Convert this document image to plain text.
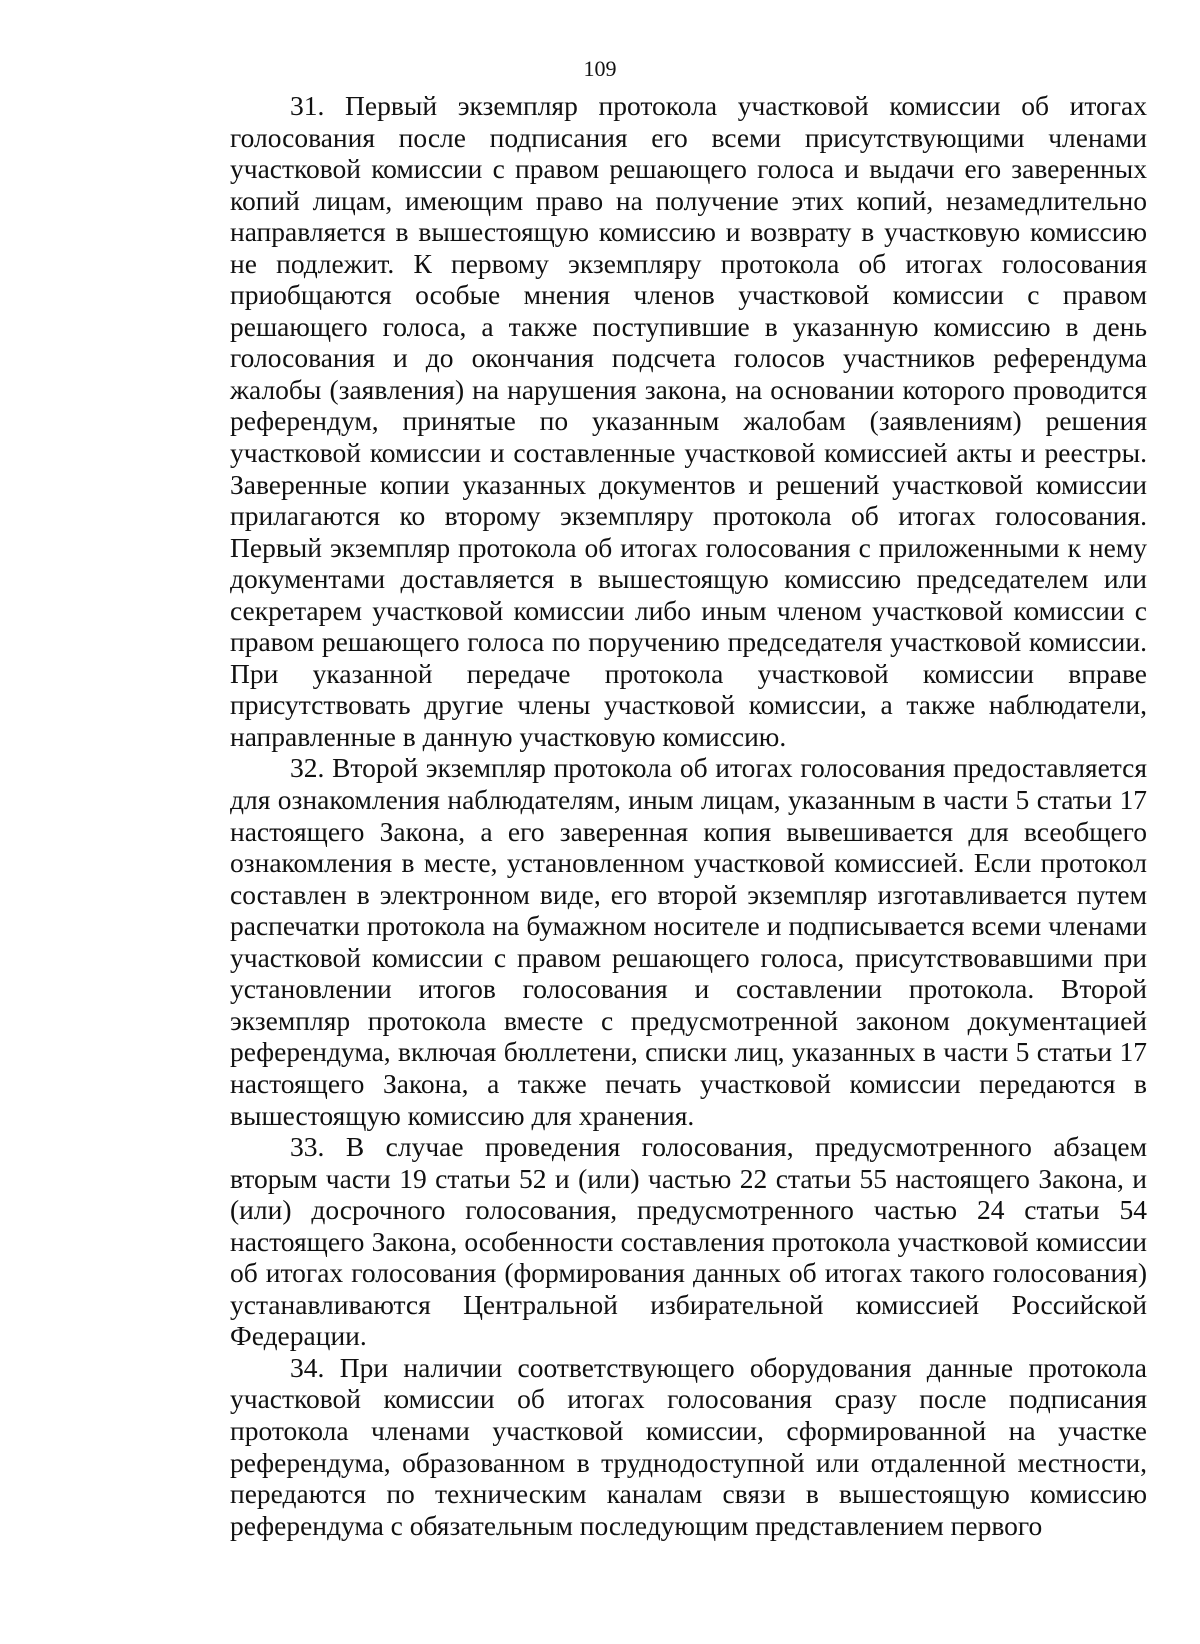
109

31. Первый экземпляр протокола участковой комиссии об итогах голосования после подписания его всеми присутствующими членами участковой комиссии с правом решающего голоса и выдачи его заверенных копий лицам, имеющим право на получение этих копий, незамедлительно направляется в вышестоящую комиссию и возврату в участковую комиссию не подлежит. К первому экземпляру протокола об итогах голосования приобщаются особые мнения членов участковой комиссии с правом решающего голоса, а также поступившие в указанную комиссию в день голосования и до окончания подсчета голосов участников референдума жалобы (заявления) на нарушения закона, на основании которого проводится референдум, принятые по указанным жалобам (заявлениям) решения участковой комиссии и составленные участковой комиссией акты и реестры. Заверенные копии указанных документов и решений участковой комиссии прилагаются ко второму экземпляру протокола об итогах голосования. Первый экземпляр протокола об итогах голосования с приложенными к нему документами доставляется в вышестоящую комиссию председателем или секретарем участковой комиссии либо иным членом участковой комиссии с правом решающего голоса по поручению председателя участковой комиссии. При указанной передаче протокола участковой комиссии вправе присутствовать другие члены участковой комиссии, а также наблюдатели, направленные в данную участковую комиссию.

32. Второй экземпляр протокола об итогах голосования предоставляется для ознакомления наблюдателям, иным лицам, указанным в части 5 статьи 17 настоящего Закона, а его заверенная копия вывешивается для всеобщего ознакомления в месте, установленном участковой комиссией. Если протокол составлен в электронном виде, его второй экземпляр изготавливается путем распечатки протокола на бумажном носителе и подписывается всеми членами участковой комиссии с правом решающего голоса, присутствовавшими при установлении итогов голосования и составлении протокола. Второй экземпляр протокола вместе с предусмотренной законом документацией референдума, включая бюллетени, списки лиц, указанных в части 5 статьи 17 настоящего Закона, а также печать участковой комиссии передаются в вышестоящую комиссию для хранения.

33. В случае проведения голосования, предусмотренного абзацем вторым части 19 статьи 52 и (или) частью 22 статьи 55 настоящего Закона, и (или) досрочного голосования, предусмотренного частью 24 статьи 54 настоящего Закона, особенности составления протокола участковой комиссии об итогах голосования (формирования данных об итогах такого голосования) устанавливаются Центральной избирательной комиссией Российской Федерации.

34. При наличии соответствующего оборудования данные протокола участковой комиссии об итогах голосования сразу после подписания протокола членами участковой комиссии, сформированной на участке референдума, образованном в труднодоступной или отдаленной местности, передаются по техническим каналам связи в вышестоящую комиссию референдума с обязательным последующим представлением первого
